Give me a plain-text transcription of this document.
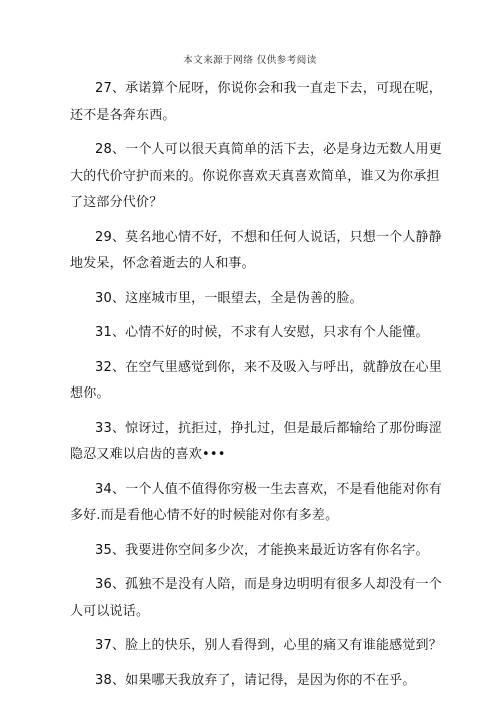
本文来源于网络 仅供参考阅读

27、承诺算个屁呀，你说你会和我一直走下去，可现在呢，还不是各奔东西。

28、一个人可以很天真简单的活下去，必是身边无数人用更大的代价守护而来的。你说你喜欢天真喜欢简单，谁又为你承担了这部分代价？

29、莫名地心情不好，不想和任何人说话，只想一个人静静地发呆，怀念着逝去的人和事。

30、这座城市里，一眼望去，全是伪善的脸。

31、心情不好的时候，不求有人安慰，只求有个人能懂。

32、在空气里感觉到你，来不及吸入与呼出，就静放在心里想你。

33、惊讶过，抗拒过，挣扎过，但是最后都输给了那份晦涩隐忍又难以启齿的喜欢•••

34、一个人值不值得你穷极一生去喜欢，不是看他能对你有多好.而是看他心情不好的时候能对你有多差。

35、我要进你空间多少次，才能换来最近访客有你名字。

36、孤独不是没有人陪，而是身边明明有很多人却没有一个人可以说话。

37、脸上的快乐，别人看得到，心里的痛又有谁能感觉到？

38、如果哪天我放弃了，请记得，是因为你的不在乎。
